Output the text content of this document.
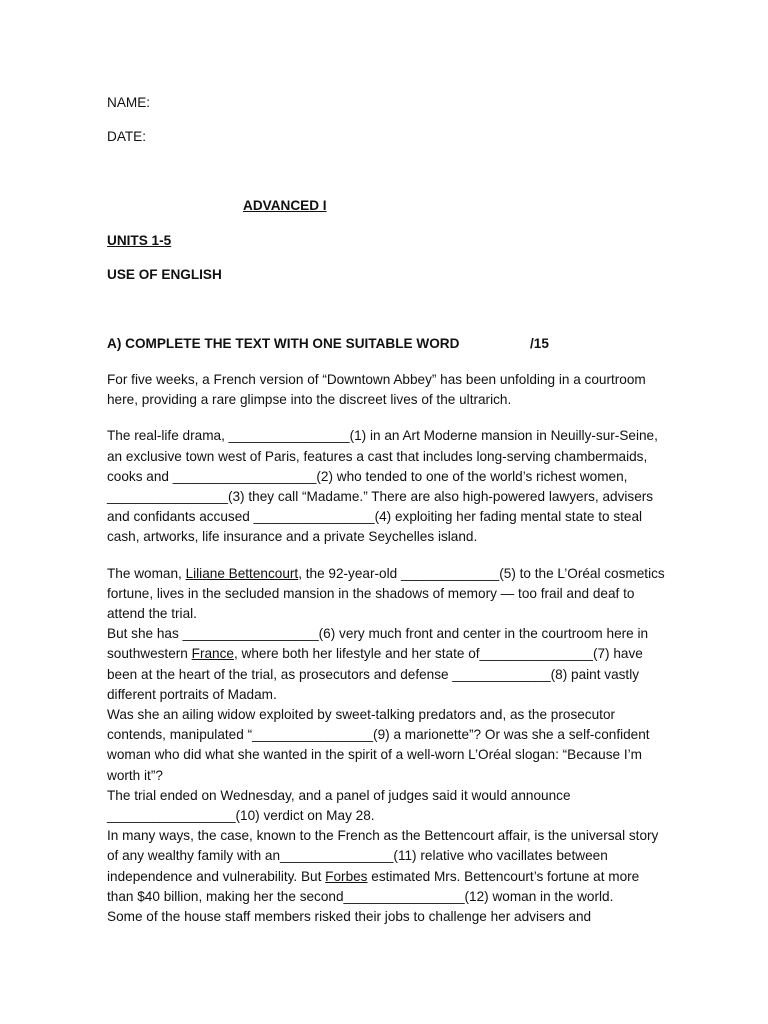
NAME:
DATE:
ADVANCED I
UNITS 1-5
USE OF ENGLISH
A) COMPLETE THE TEXT WITH ONE SUITABLE WORD	/15

For five weeks, a French version of “Downtown Abbey” has been unfolding in a courtroom here, providing a rare glimpse into the discreet lives of the ultrarich.

The real-life drama, ________________(1) in an Art Moderne mansion in Neuilly-sur-Seine, an exclusive town west of Paris, features a cast that includes long-serving chambermaids, cooks and ___________________(2) who tended to one of the world’s richest women, ________________(3) they call “Madame.” There are also high-powered lawyers, advisers and confidants accused ________________(4) exploiting her fading mental state to steal cash, artworks, life insurance and a private Seychelles island.

The woman, Liliane Bettencourt, the 92-year-old _____________(5) to the L’Oréal cosmetics fortune, lives in the secluded mansion in the shadows of memory — too frail and deaf to attend the trial.

But she has __________________(6) very much front and center in the courtroom here in southwestern France, where both her lifestyle and her state of_______________(7) have been at the heart of the trial, as prosecutors and defense _____________(8) paint vastly different portraits of Madam.

Was she an ailing widow exploited by sweet-talking predators and, as the prosecutor contends, manipulated “________________(9) a marionette”? Or was she a self-confident woman who did what she wanted in the spirit of a well-worn L’Oréal slogan: “Because I’m worth it”?

The trial ended on Wednesday, and a panel of judges said it would announce _________________(10) verdict on May 28.

In many ways, the case, known to the French as the Bettencourt affair, is the universal story of any wealthy family with an_______________(11) relative who vacillates between independence and vulnerability. But Forbes estimated Mrs. Bettencourt’s fortune at more than $40 billion, making her the second________________(12) woman in the world.

Some of the house staff members risked their jobs to challenge her advisers and
